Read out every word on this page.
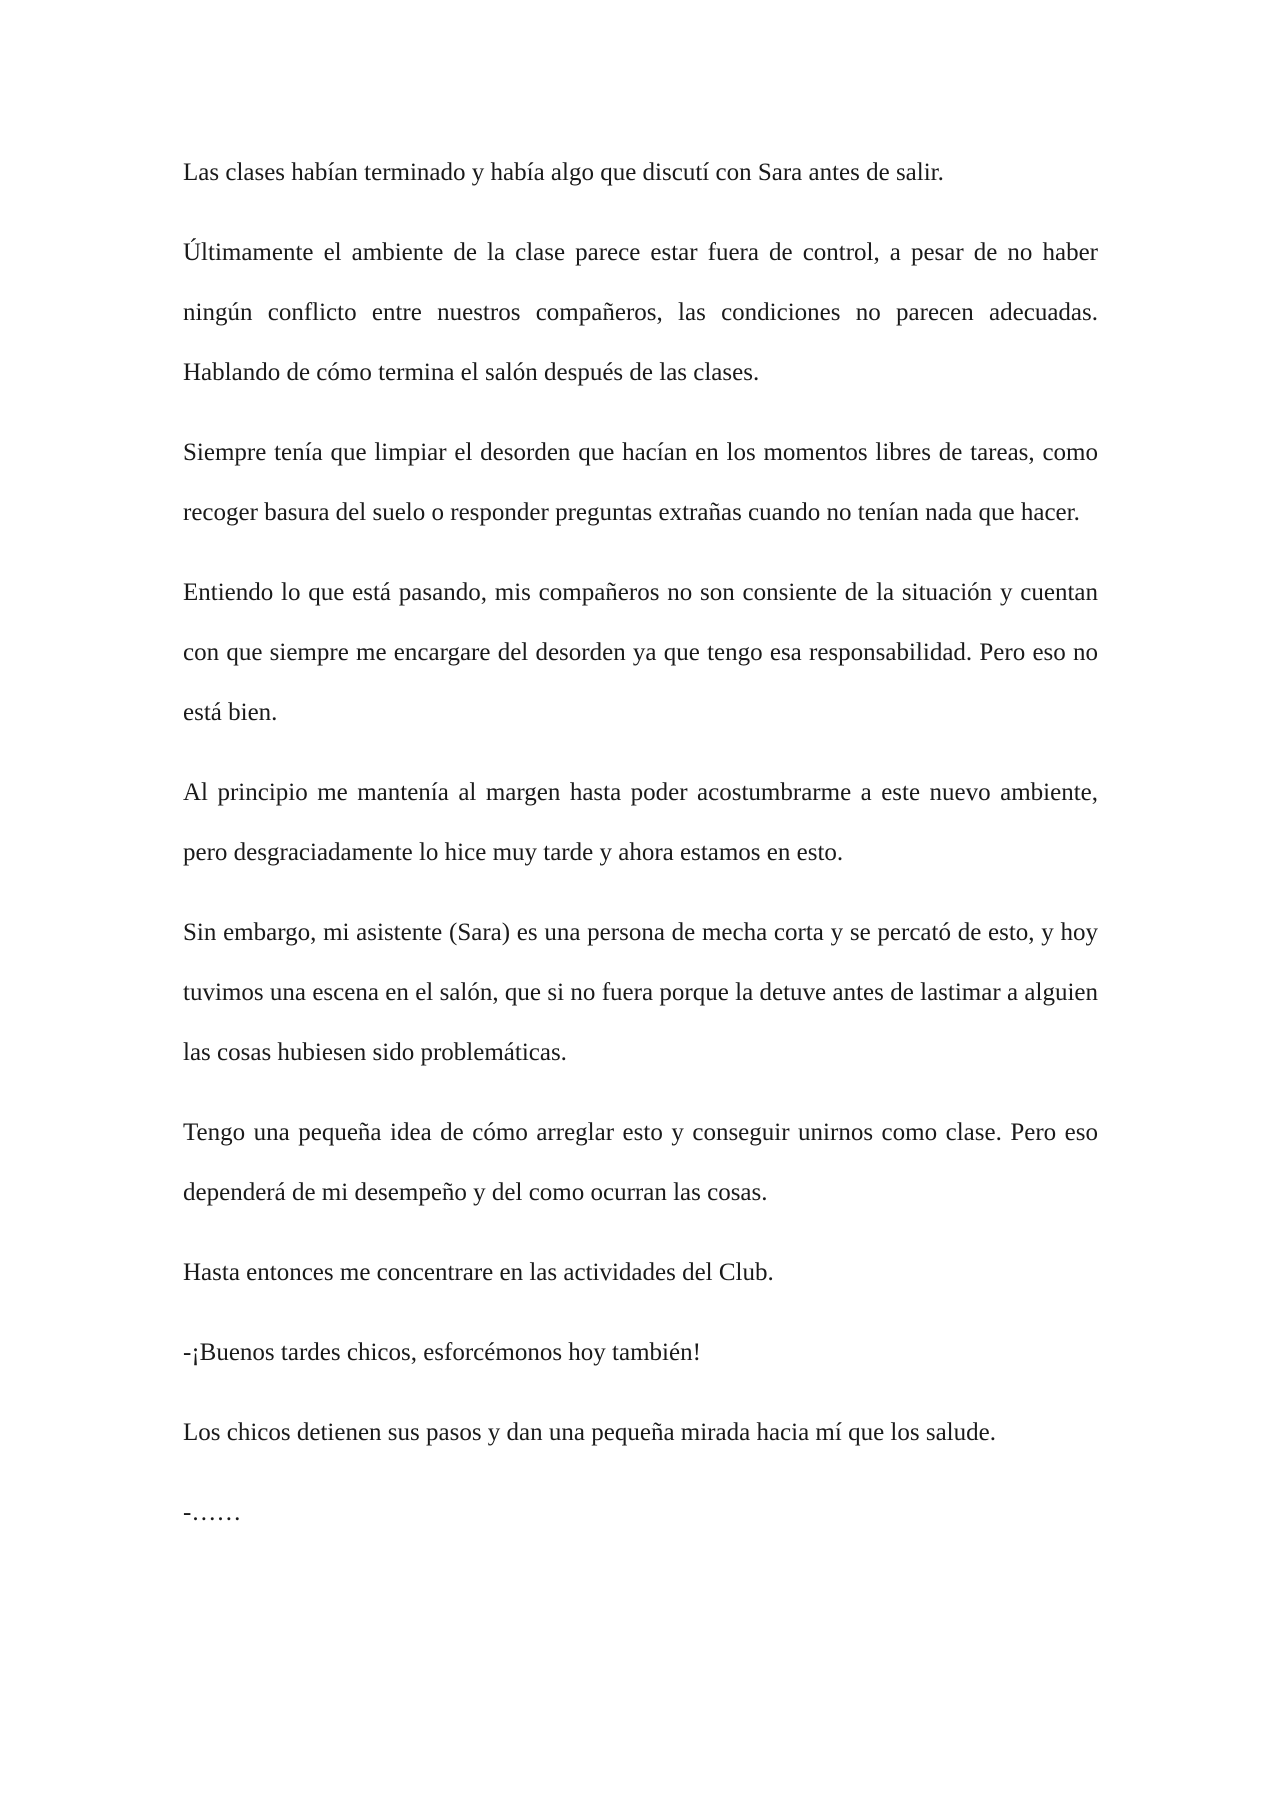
Las clases habían terminado y había algo que discutí con Sara antes de salir.

Últimamente el ambiente de la clase parece estar fuera de control, a pesar de no haber ningún conflicto entre nuestros compañeros, las condiciones no parecen adecuadas. Hablando de cómo termina el salón después de las clases.

Siempre tenía que limpiar el desorden que hacían en los momentos libres de tareas, como recoger basura del suelo o responder preguntas extrañas cuando no tenían nada que hacer.

Entiendo lo que está pasando, mis compañeros no son consiente de la situación y cuentan con que siempre me encargare del desorden ya que tengo esa responsabilidad. Pero eso no está bien.

Al principio me mantenía al margen hasta poder acostumbrarme a este nuevo ambiente, pero desgraciadamente lo hice muy tarde y ahora estamos en esto.

Sin embargo, mi asistente (Sara) es una persona de mecha corta y se percató de esto, y hoy tuvimos una escena en el salón, que si no fuera porque la detuve antes de lastimar a alguien las cosas hubiesen sido problemáticas.

Tengo una pequeña idea de cómo arreglar esto y conseguir unirnos como clase. Pero eso dependerá de mi desempeño y del como ocurran las cosas.

Hasta entonces me concentrare en las actividades del Club.

-¡Buenos tardes chicos, esforcémonos hoy también!

Los chicos detienen sus pasos y dan una pequeña mirada hacia mí que los salude.

-……
